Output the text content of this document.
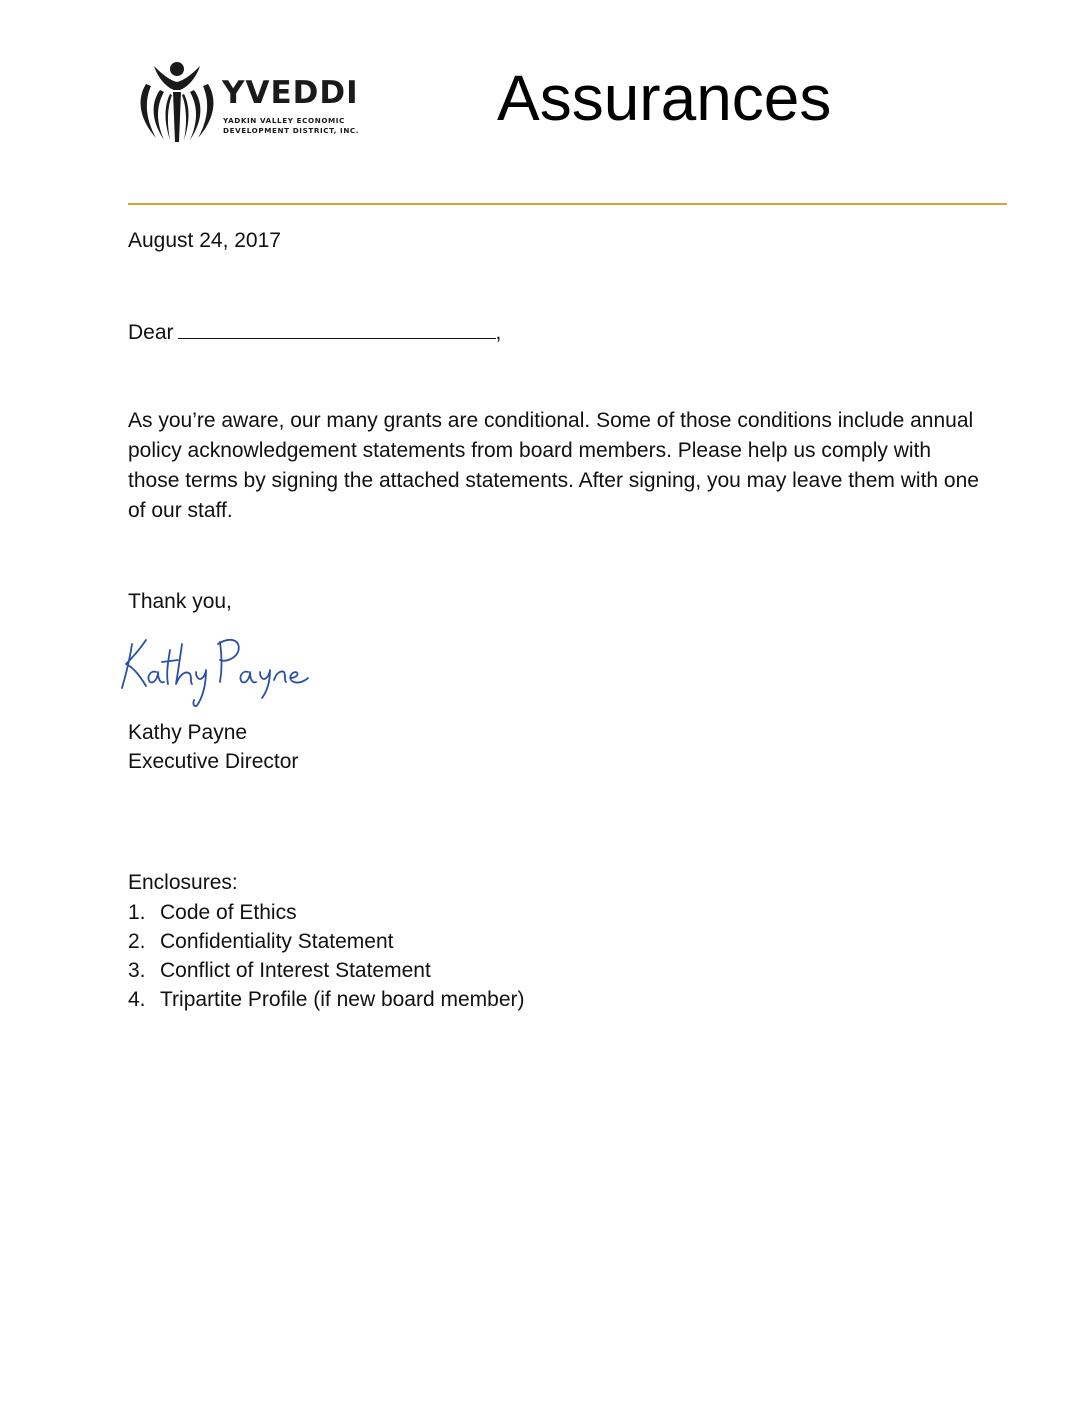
YVEDDI
YADKIN VALLEY ECONOMIC
DEVELOPMENT DISTRICT, INC. Assurances

August 24, 2017

Dear	,

As you’re aware, our many grants are conditional. Some of those conditions include annual policy acknowledgement statements from board members. Please help us comply with those terms by signing the attached statements. After signing, you may leave them with one of our staff.

Thank you,

Kathy Payne

Executive Director

Enclosures:

1. Code of Ethics
2. Confidentiality Statement
3. Conflict of Interest Statement
4. Tripartite Profile (if new board member)
